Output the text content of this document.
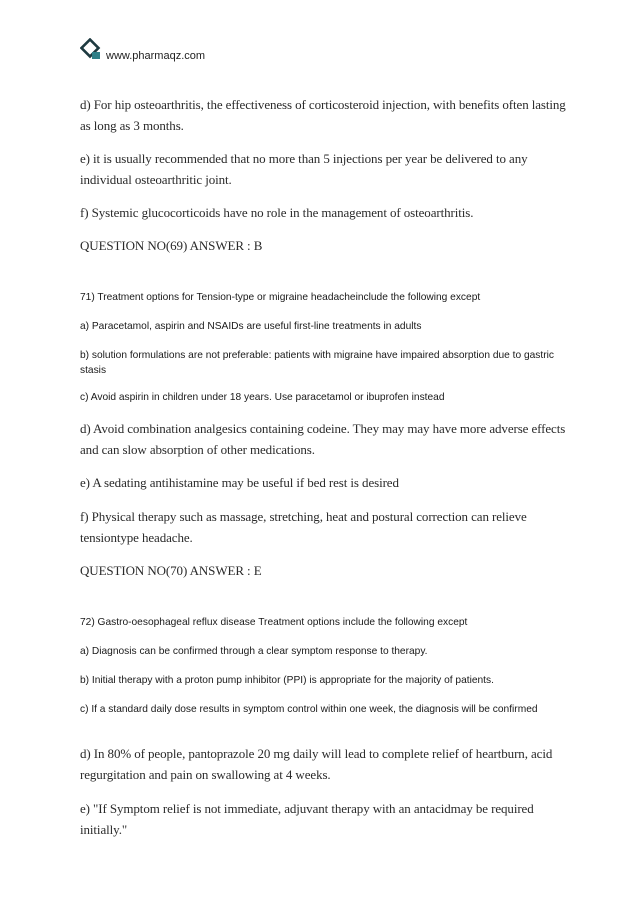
www.pharmaqz.com

d) For hip osteoarthritis, the effectiveness of corticosteroid injection, with benefits often lasting as long as 3 months.

e) it is usually recommended that no more than 5 injections per year be delivered to any individual osteoarthritic joint.

f) Systemic glucocorticoids have no role in the management of osteoarthritis.

QUESTION NO(69) ANSWER : B

71) Treatment options for Tension-type or migraine headacheinclude the following except

a) Paracetamol, aspirin and NSAIDs are useful first-line treatments in adults

b) solution formulations are not preferable: patients with migraine have impaired absorption due to gastric stasis

c) Avoid aspirin in children under 18 years. Use paracetamol or ibuprofen instead

d) Avoid combination analgesics containing codeine. They may may have more adverse effects and can slow absorption of other medications.

e) A sedating antihistamine may be useful if bed rest is desired

f) Physical therapy such as massage, stretching, heat and postural correction can relieve tensiontype headache.

QUESTION NO(70) ANSWER : E

72) Gastro-oesophageal reflux disease Treatment options include the following except

a) Diagnosis can be confirmed through a clear symptom response to therapy.

b) Initial therapy with a proton pump inhibitor (PPI) is appropriate for the majority of patients.

c) If a standard daily dose results in symptom control within one week, the diagnosis will be confirmed

d) In 80% of people, pantoprazole 20 mg daily will lead to complete relief of heartburn, acid regurgitation and pain on swallowing at 4 weeks.

e) "If Symptom relief is not immediate, adjuvant therapy with an antacidmay be required initially."
